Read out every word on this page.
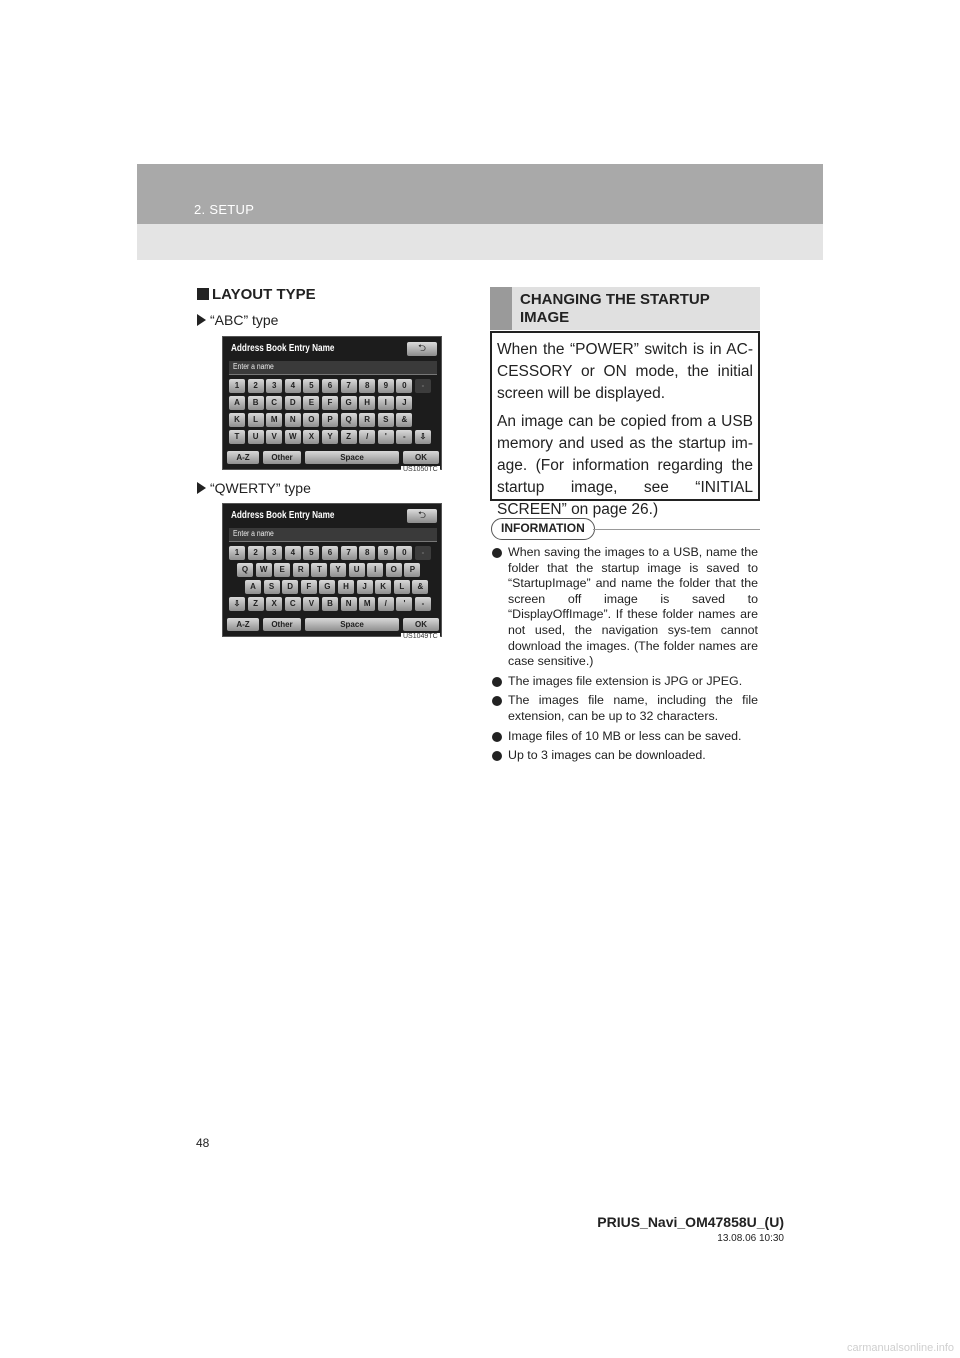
2. SETUP
LAYOUT TYPE
“ABC” type
Address Book Entry Name	⮌
Enter a name
1	2	3	4	5	6	7	8	9	0	-
A	B	C	D	E	F	G	H	I	J
K	L	M	N	O	P	Q	R	S	&
T	U	V	W	X	Y	Z	/	'	-	⇩
A-Z	Other	Space	OK
US1050TC
“QWERTY” type
Address Book Entry Name	⮌
Enter a name
1	2	3	4	5	6	7	8	9	0	-
Q	W	E	R	T	Y	U	I	O	P
A	S	D	F	G	H	J	K	L	&
⇩	Z	X	C	V	B	N	M	/	'	-
A-Z	Other	Space	OK
US1049TC
CHANGING THE STARTUP IMAGE

When the “POWER” switch is in AC-CESSORY or ON mode, the initial screen will be displayed.

An image can be copied from a USB memory and used as the startup im-age. (For information regarding the startup image, see “INITIAL SCREEN” on page 26.)

INFORMATION
When saving the images to a USB, name the folder that the startup image is saved to “StartupImage” and name the folder that the screen off image is saved to “DisplayOffImage”. If these folder names are not used, the navigation sys-tem cannot download the images. (The folder names are case sensitive.)
The images file extension is JPG or JPEG.
The images file name, including the file extension, can be up to 32 characters.
Image files of 10 MB or less can be saved.
Up to 3 images can be downloaded.
48
PRIUS_Navi_OM47858U_(U)
13.08.06 10:30
carmanualsonline.info
